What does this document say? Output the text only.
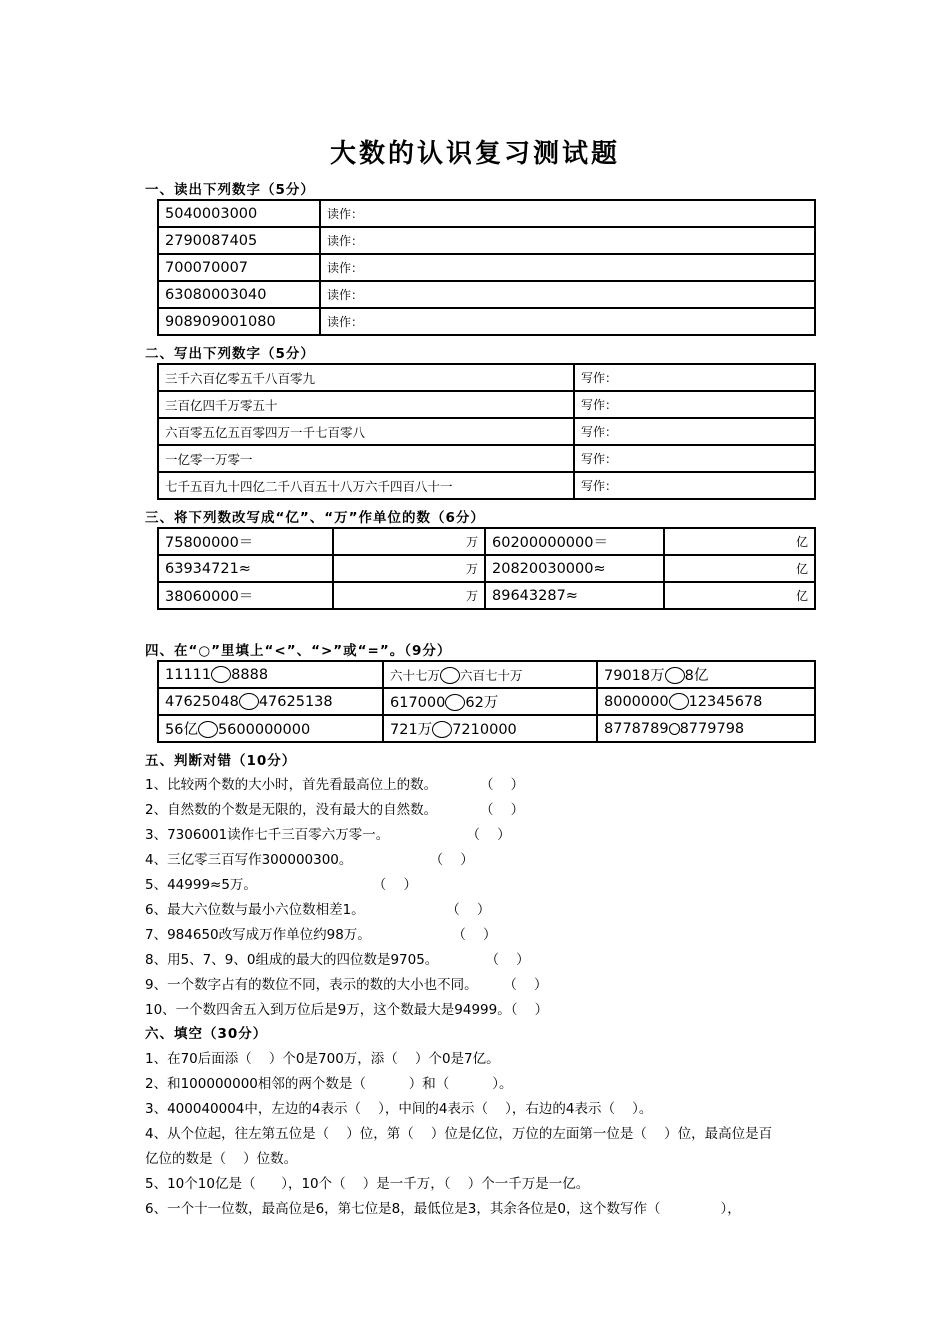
大数的认识复习测试题
一、读出下列数字（5分）
5040003000	读作：
2790087405	读作：
700070007	读作：
63080003040	读作：
908909001080	读作：
二、写出下列数字（5分）
三千六百亿零五千八百零九	写作：
三百亿四千万零五十	写作：
六百零五亿五百零四万一千七百零八	写作：
一亿零一万零一	写作：
七千五百九十四亿二千八百五十八万六千四百八十一	写作：
三、将下列数改写成“亿”、“万”作单位的数（6分）
75800000＝	万	60200000000＝	亿
63934721≈	万	20820030000≈	亿
38060000＝	万	89643287≈	亿
四、在“○”里填上“<”、“>”或“=”。（9分）
11111 8888	六十七万 六百七十万	79018万 8亿
47625048 47625138	617000 62万	8000000 12345678
56亿 5600000000	721万 7210000	8778789 8779798
五、判断对错（10分）
1、比较两个数的大小时，首先看最高位上的数。          （    ）
2、自然数的个数是无限的，没有最大的自然数。          （    ）
3、7306001读作七千三百零六万零一。                  （    ）
4、三亿零三百写作300000300。                  （    ）
5、44999≈5万。                           （    ）
6、最大六位数与最小六位数相差1。                   （    ）
7、984650改写成万作单位约98万。                   （    ）
8、用5、7、9、0组成的最大的四位数是9705。           （    ）
9、一个数字占有的数位不同，表示的数的大小也不同。      （    ）
10、一个数四舍五入到万位后是9万，这个数最大是94999。（    ）
六、填空（30分）
1、在70后面添（    ）个0是700万，添（    ）个0是7亿。
2、和100000000相邻的两个数是（          ）和（          ）。
3、400040004中，左边的4表示（    ），中间的4表示（    ），右边的4表示（    ）。
4、从个位起，往左第五位是（    ）位，第（    ）位是亿位，万位的左面第一位是（    ）位，最高位是百
亿位的数是（    ）位数。
5、10个10亿是（      ），10个（    ）是一千万，（    ）个一千万是一亿。
6、一个十一位数，最高位是6，第七位是8，最低位是3，其余各位是0，这个数写作（              ），
